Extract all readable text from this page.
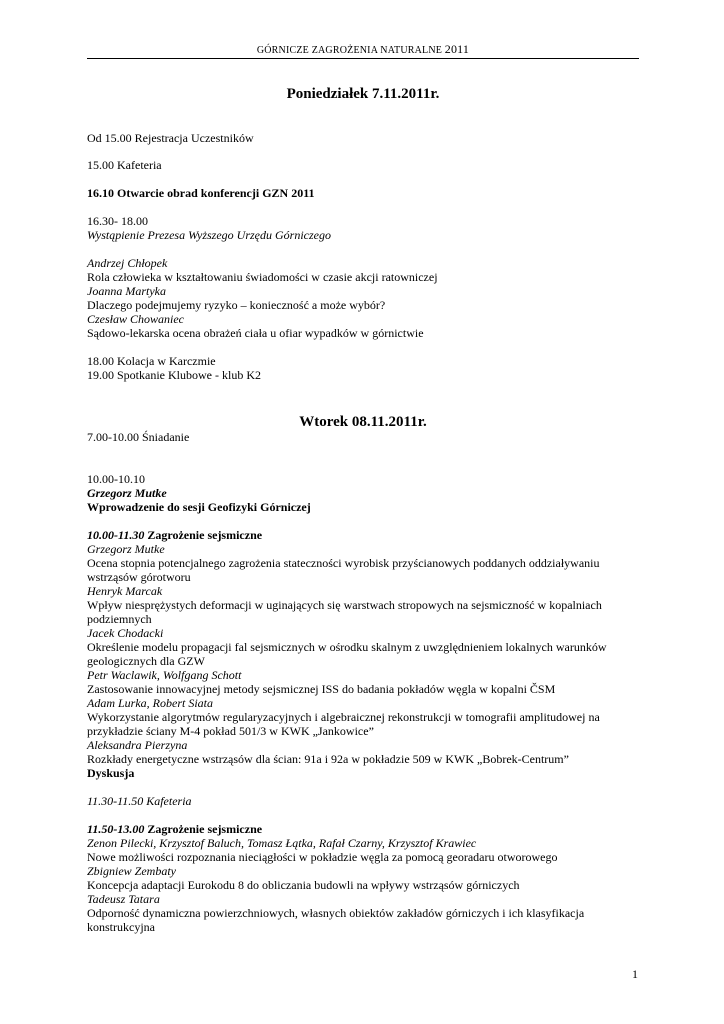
GÓRNICZE ZAGROŻENIA NATURALNE 2011
Poniedziałek 7.11.2011r.
Od 15.00 Rejestracja Uczestników
15.00 Kafeteria
16.10 Otwarcie obrad konferencji GZN 2011
16.30- 18.00
Wystąpienie Prezesa Wyższego Urzędu Górniczego
Andrzej Chłopek
Rola człowieka w kształtowaniu świadomości w czasie akcji ratowniczej
Joanna Martyka
Dlaczego podejmujemy ryzyko – konieczność a może wybór?
Czesław Chowaniec
Sądowo-lekarska ocena obrażeń ciała u ofiar wypadków w górnictwie
18.00 Kolacja w Karczmie
19.00 Spotkanie Klubowe - klub K2
Wtorek 08.11.2011r.
7.00-10.00 Śniadanie
10.00-10.10
Grzegorz Mutke
Wprowadzenie do sesji Geofizyki Górniczej
10.00-11.30 Zagrożenie sejsmiczne
Grzegorz Mutke
Ocena stopnia potencjalnego zagrożenia stateczności wyrobisk przyścianowych poddanych oddziaływaniu
wstrząsów górotworu
Henryk Marcak
Wpływ niesprężystych deformacji w uginających się warstwach stropowych na sejsmiczność w kopalniach
podziemnych
Jacek Chodacki
Określenie modelu propagacji fal sejsmicznych w ośrodku skalnym z uwzględnieniem lokalnych warunków
geologicznych dla GZW
Petr Waclawik, Wolfgang Schott
Zastosowanie innowacyjnej metody sejsmicznej ISS do badania pokładów węgla w kopalni ČSM
Adam Lurka, Robert Siata
Wykorzystanie algorytmów regularyzacyjnych i algebraicznej rekonstrukcji w tomografii amplitudowej na
przykładzie ściany M-4 pokład 501/3 w KWK „Jankowice”
Aleksandra Pierzyna
Rozkłady energetyczne wstrząsów dla ścian: 91a i 92a w pokładzie 509 w KWK „Bobrek-Centrum”
Dyskusja
11.30-11.50 Kafeteria
11.50-13.00 Zagrożenie sejsmiczne
Zenon Pilecki, Krzysztof Baluch, Tomasz Łątka, Rafał Czarny, Krzysztof Krawiec
Nowe możliwości rozpoznania nieciągłości w pokładzie węgla za pomocą georadaru otworowego
Zbigniew Zembaty
Koncepcja adaptacji Eurokodu 8 do obliczania budowli na wpływy wstrząsów górniczych
Tadeusz Tatara
Odporność dynamiczna powierzchniowych, własnych obiektów zakładów górniczych i ich klasyfikacja
konstrukcyjna
1
